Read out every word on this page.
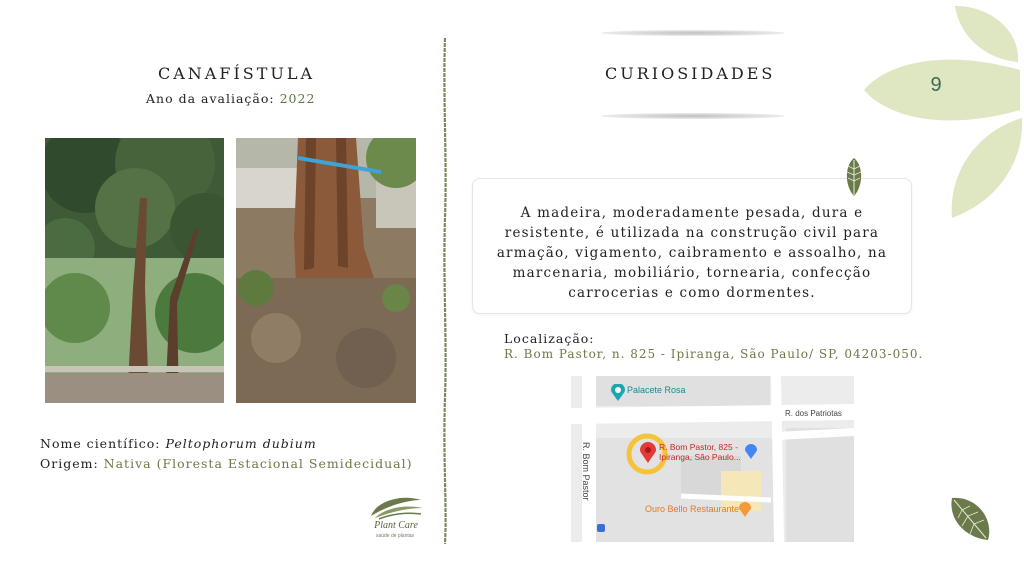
CANAFÍSTULA
Ano da avaliação: 2022
Nome científico: Peltophorum dubium
Origem: Nativa (Floresta Estacional Semidecidual)
Plant Care
saúde de plantas
CURIOSIDADES
9
A madeira, moderadamente pesada, dura e resistente, é utilizada na construção civil para armação, vigamento, caibramento e assoalho, na marcenaria, mobiliário, tornearia, confecção carrocerias e como dormentes.
Localização:
R. Bom Pastor, n. 825 - Ipiranga, São Paulo/ SP, 04203-050.
Palacete Rosa
R. dos Patriotas
R. Bom Pastor	R. Bom Pastor, 825 -
Ipiranga, São Paulo...
Ouro Bello Restaurante
